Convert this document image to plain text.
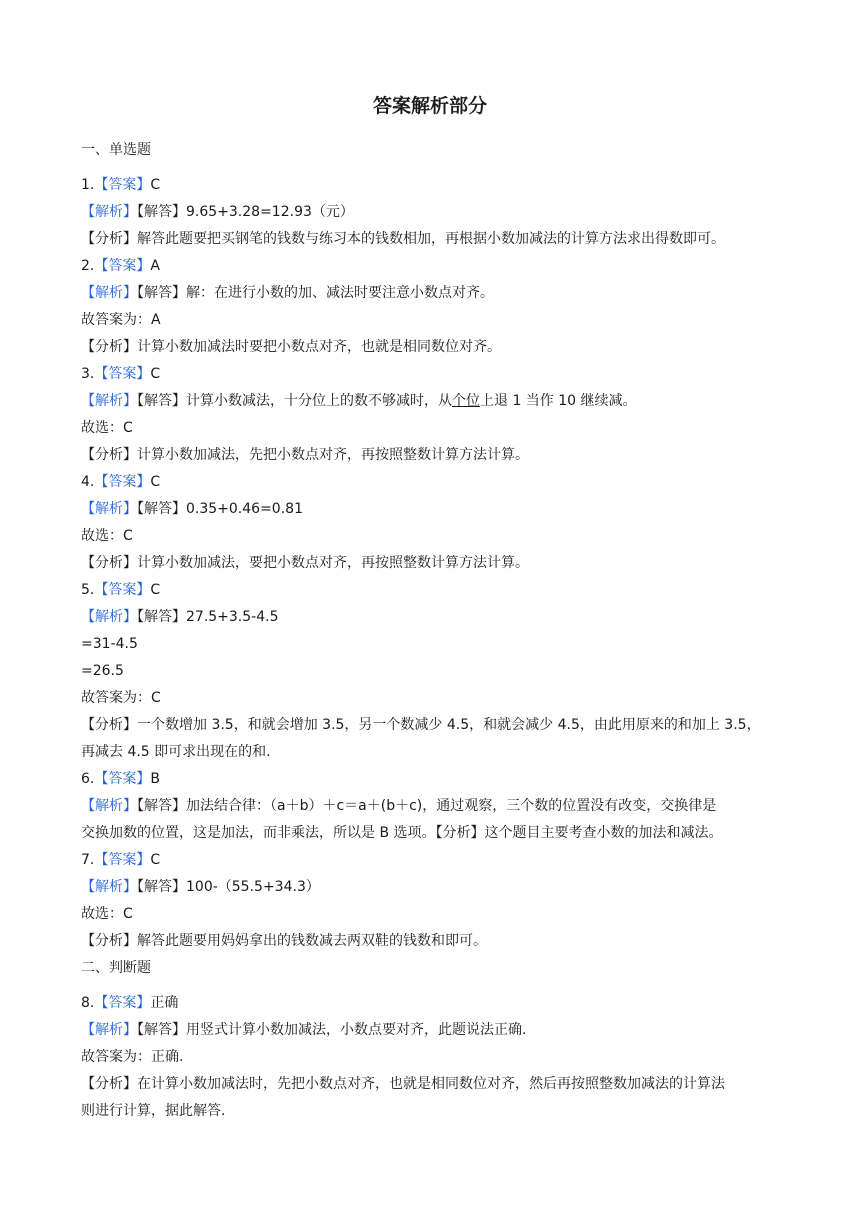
答案解析部分
一、单选题
1.【答案】C
【解析】【解答】9.65+3.28=12.93（元）
【分析】解答此题要把买钢笔的钱数与练习本的钱数相加，再根据小数加减法的计算方法求出得数即可。
2.【答案】A
【解析】【解答】解：在进行小数的加、减法时要注意小数点对齐。
故答案为：A
【分析】计算小数加减法时要把小数点对齐，也就是相同数位对齐。
3.【答案】C
【解析】【解答】计算小数减法，十分位上的数不够减时，从个位上退 1 当作 10 继续减。
故选：C
【分析】计算小数加减法，先把小数点对齐，再按照整数计算方法计算。
4.【答案】C
【解析】【解答】0.35+0.46=0.81
故选：C
【分析】计算小数加减法，要把小数点对齐，再按照整数计算方法计算。
5.【答案】C
【解析】【解答】27.5+3.5-4.5
=31-4.5
=26.5
故答案为：C
【分析】一个数增加 3.5，和就会增加 3.5，另一个数减少 4.5，和就会减少 4.5，由此用原来的和加上 3.5，
再减去 4.5 即可求出现在的和.
6.【答案】B
【解析】【解答】加法结合律：（a＋b）＋c＝a＋(b＋c)，通过观察，三个数的位置没有改变，交换律是
交换加数的位置，这是加法，而非乘法，所以是 B 选项。【分析】这个题目主要考查小数的加法和减法。
7.【答案】C
【解析】【解答】100-（55.5+34.3）
故选：C
【分析】解答此题要用妈妈拿出的钱数减去两双鞋的钱数和即可。
二、判断题
8.【答案】正确
【解析】【解答】用竖式计算小数加减法，小数点要对齐，此题说法正确.
故答案为：正确.
【分析】在计算小数加减法时，先把小数点对齐，也就是相同数位对齐，然后再按照整数加减法的计算法
则进行计算，据此解答.
